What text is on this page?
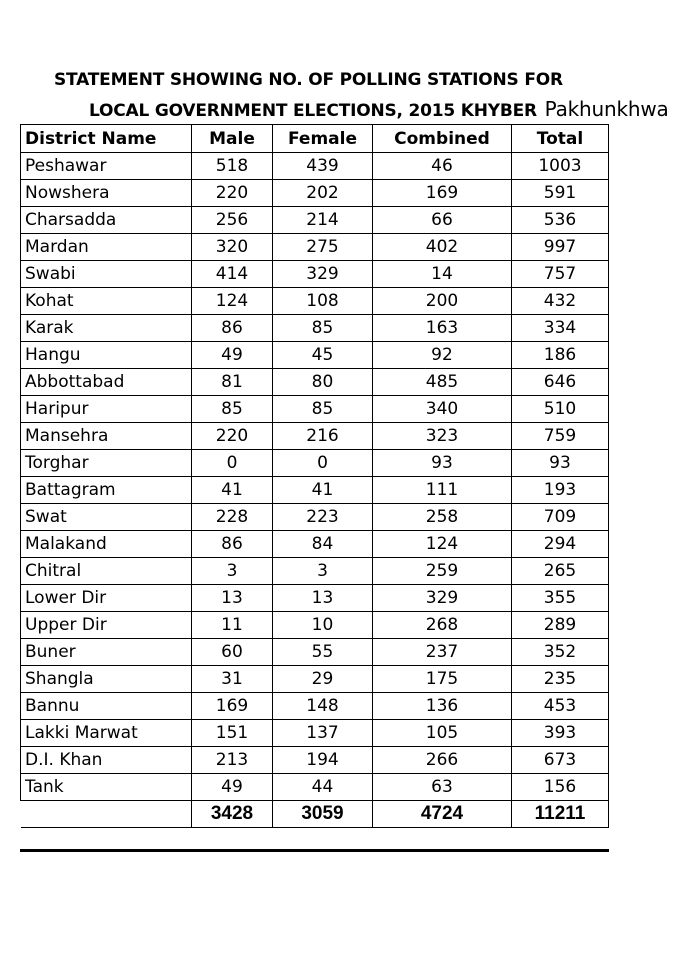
STATEMENT SHOWING NO. OF POLLING STATIONS FOR
LOCAL GOVERNMENT ELECTIONS, 2015 KHYBER Pakhunkhwa
District Name	Male	Female	Combined	Total
Peshawar	518	439	46	1003
Nowshera	220	202	169	591
Charsadda	256	214	66	536
Mardan	320	275	402	997
Swabi	414	329	14	757
Kohat	124	108	200	432
Karak	86	85	163	334
Hangu	49	45	92	186
Abbottabad	81	80	485	646
Haripur	85	85	340	510
Mansehra	220	216	323	759
Torghar	0	0	93	93
Battagram	41	41	111	193
Swat	228	223	258	709
Malakand	86	84	124	294
Chitral	3	3	259	265
Lower Dir	13	13	329	355
Upper Dir	11	10	268	289
Buner	60	55	237	352
Shangla	31	29	175	235
Bannu	169	148	136	453
Lakki Marwat	151	137	105	393
D.I. Khan	213	194	266	673
Tank	49	44	63	156
	3428	3059	4724	11211
